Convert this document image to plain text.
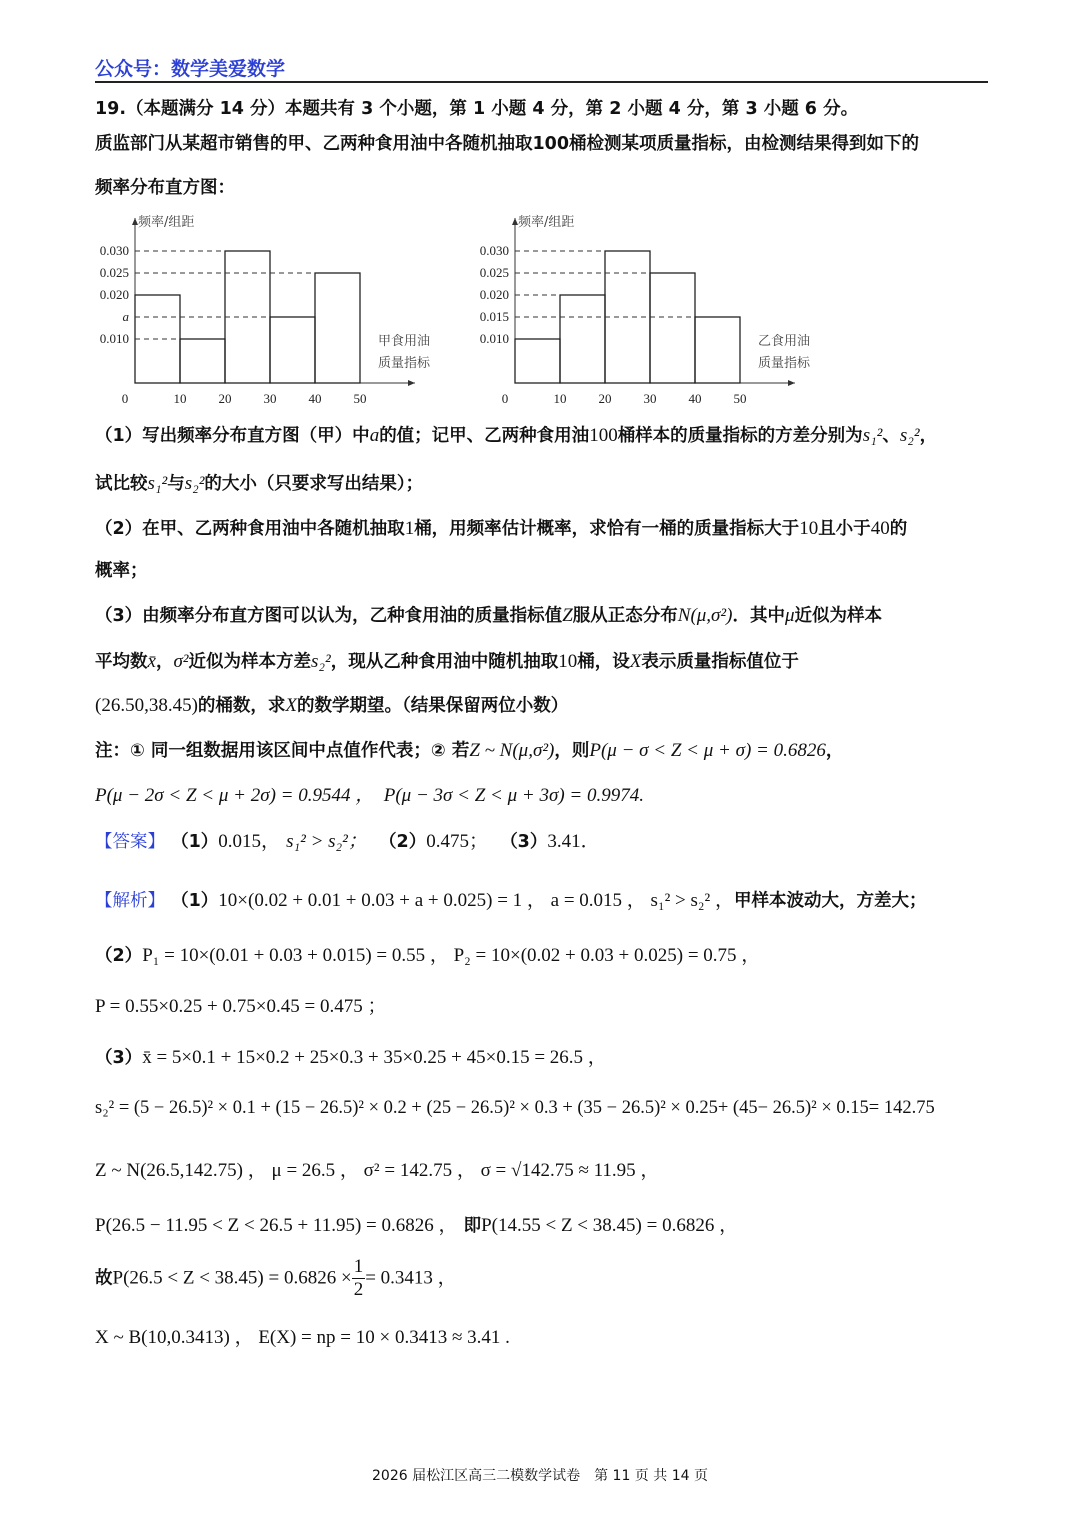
公众号：数学美爱数学
19.（本题满分 14 分）本题共有 3 个小题，第 1 小题 4 分，第 2 小题 4 分，第 3 小题 6 分。
质监部门从某超市销售的甲、乙两种食用油中各随机抽取100桶检测某项质量指标，由检测结果得到如下的
频率分布直方图：
频率/组距
0.030
0.025
0.020
a
0.010
0	10 20 30 40 50
甲食用油
质量指标
频率/组距
0.030
0.025
0.020
0.015
0.010
0	10 20 30 40 50
乙食用油
质量指标
（1）写出频率分布直方图（甲）中a的值；记甲、乙两种食用油100桶样本的质量指标的方差分别为s₁²、s₂²，
试比较s₁²与s₂²的大小（只要求写出结果）；
（2）在甲、乙两种食用油中各随机抽取1桶，用频率估计概率，求恰有一桶的质量指标大于10且小于40的
概率；
（3）由频率分布直方图可以认为，乙种食用油的质量指标值Z服从正态分布N(μ,σ²)．其中μ近似为样本
平均数x̄，σ²近似为样本方差s₂²，现从乙种食用油中随机抽取10桶，设X表示质量指标值位于
(26.50,38.45)的桶数，求X的数学期望。（结果保留两位小数）
注：① 同一组数据用该区间中点值作代表；② 若Z ~ N(μ,σ²)，则P(μ − σ < Z < μ + σ) = 0.6826，
P(μ − 2σ < Z < μ + 2σ) = 0.9544 ， P(μ − 3σ < Z < μ + 3σ) = 0.9974.
【答案】 （1）0.015， s₁² > s₂²； （2）0.475； （3）3.41．
【解析】 （1）10×(0.02 + 0.01 + 0.03 + a + 0.025) = 1 ， a = 0.015 ， s₁² > s₂² ，甲样本波动大，方差大；
（2）P₁ = 10×(0.01 + 0.03 + 0.015) = 0.55 ， P₂ = 10×(0.02 + 0.03 + 0.025) = 0.75 ，
P = 0.55×0.25 + 0.75×0.45 = 0.475 ；
（3）x̄ = 5×0.1 + 15×0.2 + 25×0.3 + 35×0.25 + 45×0.15 = 26.5 ，
s₂² = (5 − 26.5)² × 0.1 + (15 − 26.5)² × 0.2 + (25 − 26.5)² × 0.3 + (35 − 26.5)² × 0.25+ (45− 26.5)² × 0.15= 142.75
Z ~ N(26.5,142.75) ， μ = 26.5 ， σ² = 142.75 ， σ = √142.75 ≈ 11.95 ，
P(26.5 − 11.95 < Z < 26.5 + 11.95) = 0.6826 ， 即P(14.55 < Z < 38.45) = 0.6826 ，
故$P(26.5 < Z < 38.45) = 0.6826 \times \frac{1}{2} = 0.3413$ ，
X ~ B(10,0.3413) ， E(X) = np = 10 × 0.3413 ≈ 3.41 .
2026 届松江区高三二模数学试卷　第 11 页 共 14 页
